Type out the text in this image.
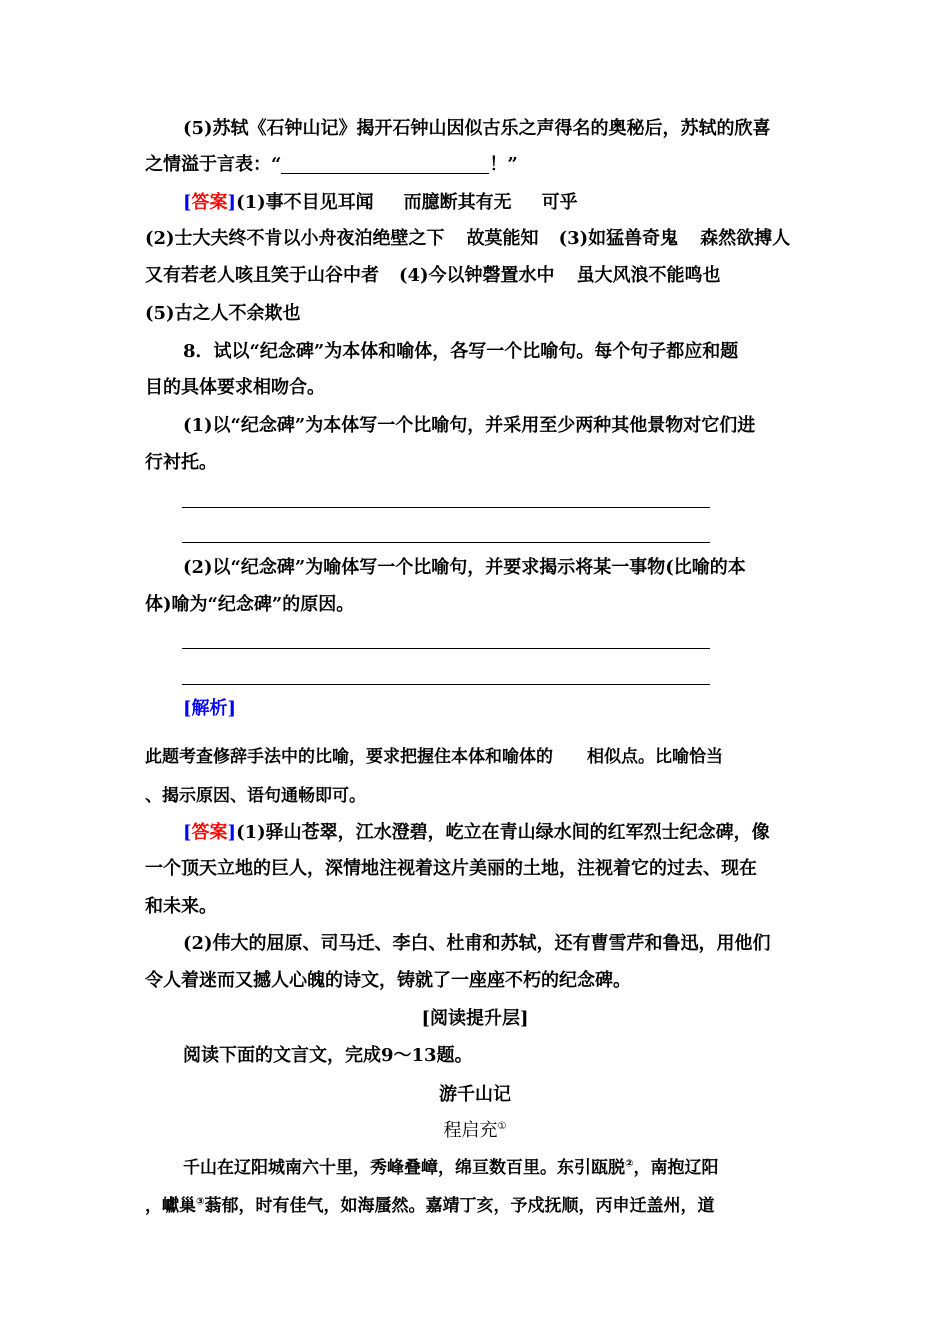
(5)苏轼《石钟山记》揭开石钟山因似古乐之声得名的奥秘后，苏轼的欣喜
之情溢于言表：“	！”
[答案](1)事不目见耳闻 而臆断其有无 可乎
(2)士大夫终不肯以小舟夜泊绝壁之下 故莫能知 (3)如猛兽奇鬼 森然欲搏人
又有若老人咳且笑于山谷中者 (4)今以钟磬置水中 虽大风浪不能鸣也
(5)古之人不余欺也
8．试以“纪念碑”为本体和喻体，各写一个比喻句。每个句子都应和题
目的具体要求相吻合。
(1)以“纪念碑”为本体写一个比喻句，并采用至少两种其他景物对它们进
行衬托。
(2)以“纪念碑”为喻体写一个比喻句，并要求揭示将某一事物(比喻的本
体)喻为“纪念碑”的原因。
[解析]
此题考查修辞手法中的比喻，要求把握住本体和喻体的 相似点。比喻恰当
、揭示原因、语句通畅即可。
[答案](1)驿山苍翠，江水澄碧，屹立在青山绿水间的红军烈士纪念碑，像
一个顶天立地的巨人，深情地注视着这片美丽的土地，注视着它的过去、现在
和未来。
(2)伟大的屈原、司马迁、李白、杜甫和苏轼，还有曹雪芹和鲁迅，用他们
令人着迷而又撼人心魄的诗文，铸就了一座座不朽的纪念碑。
[阅读提升层]
阅读下面的文言文，完成9～13题。
游千山记
程启充①
千山在辽阳城南六十里，秀峰叠嶂，绵亘数百里。东引瓯脱②，南抱辽阳
，巘巢③蓊郁，时有佳气，如海蜃然。嘉靖丁亥，予戍抚顺，丙申迁盖州，道
